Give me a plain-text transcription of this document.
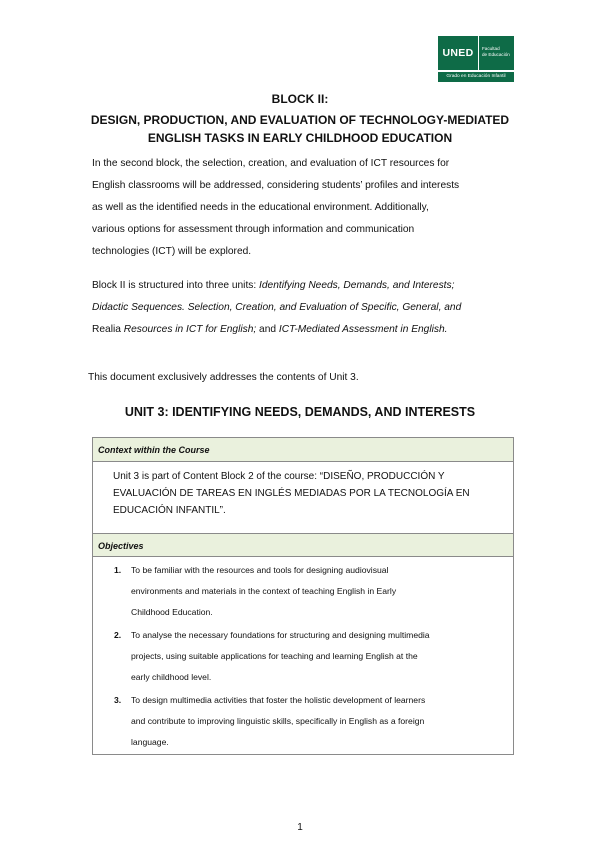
UNED	Facultad
de Educación
Grado en Educación Infantil

BLOCK II:

DESIGN, PRODUCTION, AND EVALUATION OF TECHNOLOGY-MEDIATED

ENGLISH TASKS IN EARLY CHILDHOOD EDUCATION

In the second block, the selection, creation, and evaluation of ICT resources for
English classrooms will be addressed, considering students’ profiles and interests
as well as the identified needs in the educational environment. Additionally,
various options for assessment through information and communication
technologies (ICT) will be explored.
Block II is structured into three units: Identifying Needs, Demands, and Interests;
Didactic Sequences. Selection, Creation, and Evaluation of Specific, General, and
Realia Resources in ICT for English; and ICT-Mediated Assessment in English.

This document exclusively addresses the contents of Unit 3.

UNIT 3: IDENTIFYING NEEDS, DEMANDS, AND INTERESTS

Context within the Course
Unit 3 is part of Content Block 2 of the course: “DISEÑO, PRODUCCIÓN Y
EVALUACIÓN DE TAREAS EN INGLÉS MEDIADAS POR LA TECNOLOGÍA EN
EDUCACIÓN INFANTIL”.
Objectives
1. To be familiar with the resources and tools for designing audiovisual
environments and materials in the context of teaching English in Early
Childhood Education.
2. To analyse the necessary foundations for structuring and designing multimedia
projects, using suitable applications for teaching and learning English at the
early childhood level.
3. To design multimedia activities that foster the holistic development of learners
and contribute to improving linguistic skills, specifically in English as a foreign
language.

1
